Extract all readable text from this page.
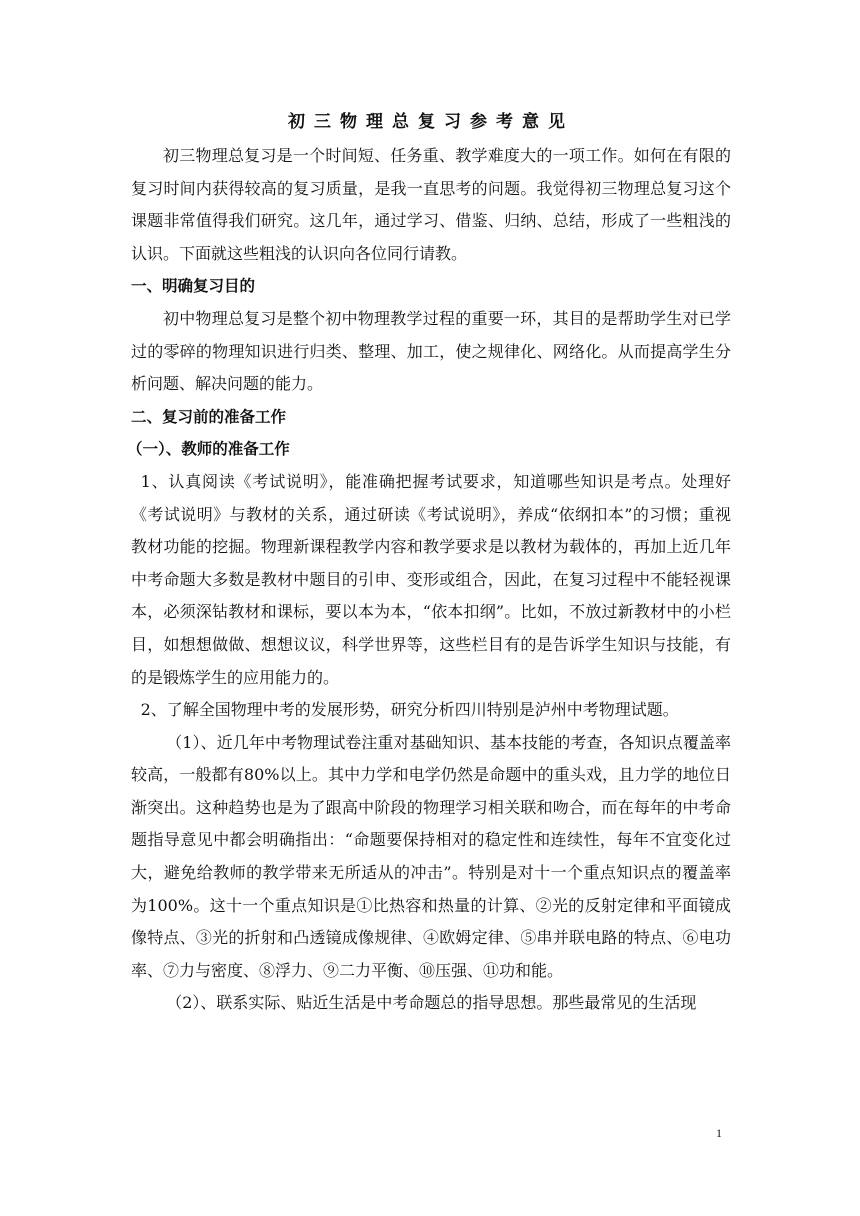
初三物理总复习参考意见

初三物理总复习是一个时间短、任务重、教学难度大的一项工作。如何在有限的复习时间内获得较高的复习质量，是我一直思考的问题。我觉得初三物理总复习这个课题非常值得我们研究。这几年，通过学习、借鉴、归纳、总结，形成了一些粗浅的认识。下面就这些粗浅的认识向各位同行请教。

一、明确复习目的

初中物理总复习是整个初中物理教学过程的重要一环，其目的是帮助学生对已学过的零碎的物理知识进行归类、整理、加工，使之规律化、网络化。从而提高学生分析问题、解决问题的能力。

二、复习前的准备工作

（一）、教师的准备工作

1、认真阅读《考试说明》，能准确把握考试要求，知道哪些知识是考点。处理好《考试说明》与教材的关系，通过研读《考试说明》，养成“依纲扣本”的习惯；重视教材功能的挖掘。物理新课程教学内容和教学要求是以教材为载体的，再加上近几年中考命题大多数是教材中题目的引申、变形或组合，因此，在复习过程中不能轻视课本，必须深钻教材和课标，要以本为本，“依本扣纲”。比如，不放过新教材中的小栏目，如想想做做、想想议议，科学世界等，这些栏目有的是告诉学生知识与技能，有的是锻炼学生的应用能力的。

2、了解全国物理中考的发展形势，研究分析四川特别是泸州中考物理试题。

（1）、近几年中考物理试卷注重对基础知识、基本技能的考查，各知识点覆盖率较高，一般都有80%以上。其中力学和电学仍然是命题中的重头戏，且力学的地位日渐突出。这种趋势也是为了跟高中阶段的物理学习相关联和吻合，而在每年的中考命题指导意见中都会明确指出：“命题要保持相对的稳定性和连续性，每年不宜变化过大，避免给教师的教学带来无所适从的冲击”。特别是对十一个重点知识点的覆盖率为100%。这十一个重点知识是①比热容和热量的计算、②光的反射定律和平面镜成像特点、③光的折射和凸透镜成像规律、④欧姆定律、⑤串并联电路的特点、⑥电功率、⑦力与密度、⑧浮力、⑨二力平衡、⑩压强、⑪功和能。

（2）、联系实际、贴近生活是中考命题总的指导思想。那些最常见的生活现

1
